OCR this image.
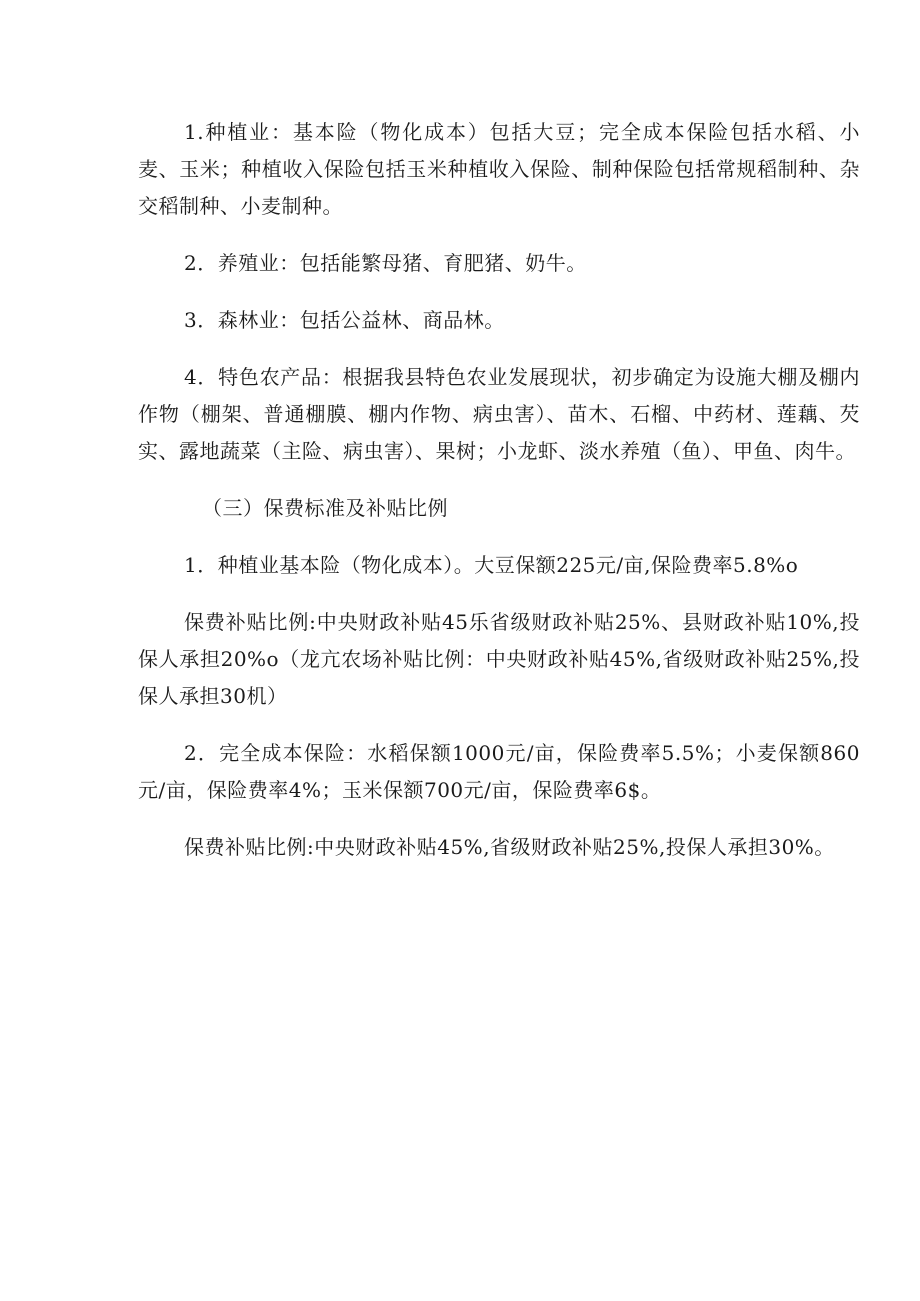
1.种植业：基本险（物化成本）包括大豆；完全成本保险包括水稻、小麦、玉米；种植收入保险包括玉米种植收入保险、制种保险包括常规稻制种、杂交稻制种、小麦制种。

2．养殖业：包括能繁母猪、育肥猪、奶牛。

3．森林业：包括公益林、商品林。

4．特色农产品：根据我县特色农业发展现状，初步确定为设施大棚及棚内作物（棚架、普通棚膜、棚内作物、病虫害）、苗木、石榴、中药材、莲藕、芡实、露地蔬菜（主险、病虫害）、果树；小龙虾、淡水养殖（鱼）、甲鱼、肉牛。

（三）保费标准及补贴比例

1．种植业基本险（物化成本）。大豆保额225元/亩,保险费率5.8%o

保费补贴比例:中央财政补贴45乐省级财政补贴25%、县财政补贴10%,投保人承担20%o（龙亢农场补贴比例：中央财政补贴45%,省级财政补贴25%,投保人承担30机）

2．完全成本保险：水稻保额1000元/亩，保险费率5.5%；小麦保额860元/亩，保险费率4%；玉米保额700元/亩，保险费率6$。

保费补贴比例:中央财政补贴45%,省级财政补贴25%,投保人承担30%。
